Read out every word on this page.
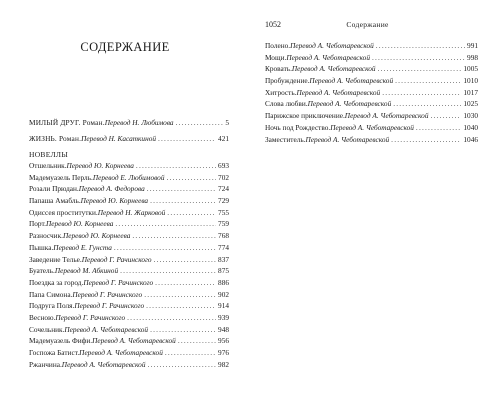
СОДЕРЖАНИЕ
МИЛЫЙ ДРУГ. Роман. Перевод Н. Любимова .....	5
ЖИЗНЬ. Роман. Перевод Н. Касаткиной .....	421
НОВЕЛЛЫ
Отшельник. Перевод Ю. Корнеева .....	693
Мадемуазель Перль. Перевод Е. Любимовой .....	702
Розали Прюдан. Перевод А. Федорова .....	724
Папаша Амабль. Перевод Ю. Корнеева .....	729
Одиссея проститутки. Перевод Н. Жарковой .....	755
Порт. Перевод Ю. Корнеева .....	759
Разносчик. Перевод Ю. Корнеева .....	768
Пышка. Перевод Е. Гунста .....	774
Заведение Телье. Перевод Г. Рачинского .....	837
Буатель. Перевод М. Абкиной .....	875
Поездка за город. Перевод Г. Рачинского .....	886
Папа Симона. Перевод Г. Рачинского .....	902
Подруга Поля. Перевод Г. Рачинского .....	914
Весною. Перевод Г. Рачинского .....	939
Сочельник. Перевод А. Чеботаревской .....	948
Мадемуазель Фифи. Перевод А. Чеботаревской .....	956
Госпожа Батист. Перевод А. Чеботаревской .....	976
Ржанчина. Перевод А. Чеботаревской .....	982
1052	Содержание
Полено. Перевод А. Чеботаревской .....	991
Мощи. Перевод А. Чеботаревской .....	998
Кровать. Перевод А. Чеботаревской .....	1005
Пробуждение. Перевод А. Чеботаревской .....	1010
Хитрость. Перевод А. Чеботаревской .....	1017
Слова любви. Перевод А. Чеботаревской .....	1025
Парижское приключение. Перевод А. Чеботаревской .....	1030
Ночь под Рождество. Перевод А. Чеботаревской .....	1040
Заместитель. Перевод А. Чеботаревской .....	1046
